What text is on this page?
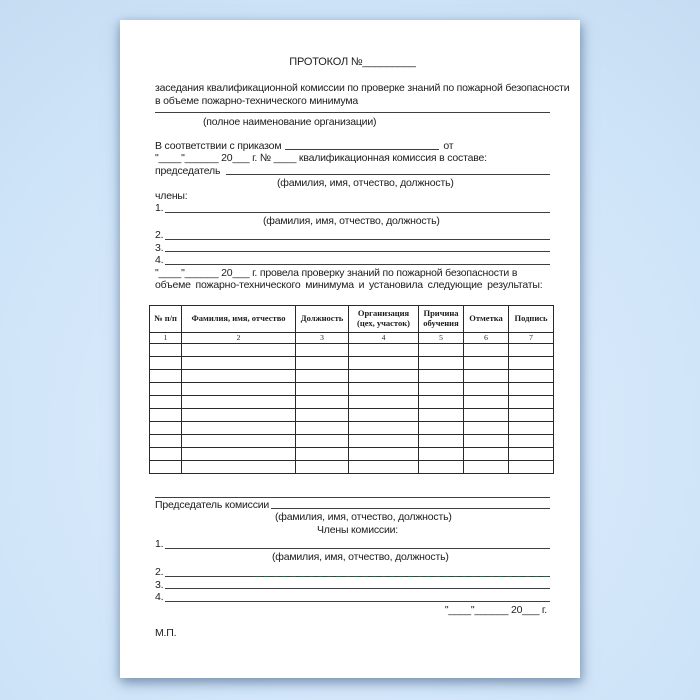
ПРОТОКОЛ №_________
заседания квалификационной комиссии по проверке знаний по пожарной безопасности
в объеме пожарно-технического минимума
(полное наименование организации)
В соответствии с приказом	от
"____"______ 20___ г. № ____ квалификационная комиссия в составе:
председатель
(фамилия, имя, отчество, должность)
члены:
1.
(фамилия, имя, отчество, должность)
2.
3.
4.
"____"______ 20___ г. провела проверку знаний по пожарной безопасности в
объеме пожарно-технического минимума и установила следующие результаты:
№ п/п	Фамилия, имя, отчество	Должность	Организация (цех, участок)	Причина обучения	Отметка	Подпись
1	2	3	4	5	6	7

Председатель комиссии
(фамилия, имя, отчество, должность)
Члены комиссии:
1.
(фамилия, имя, отчество, должность)
2.
3.
4.
"____"______ 20___ г.
М.П.
